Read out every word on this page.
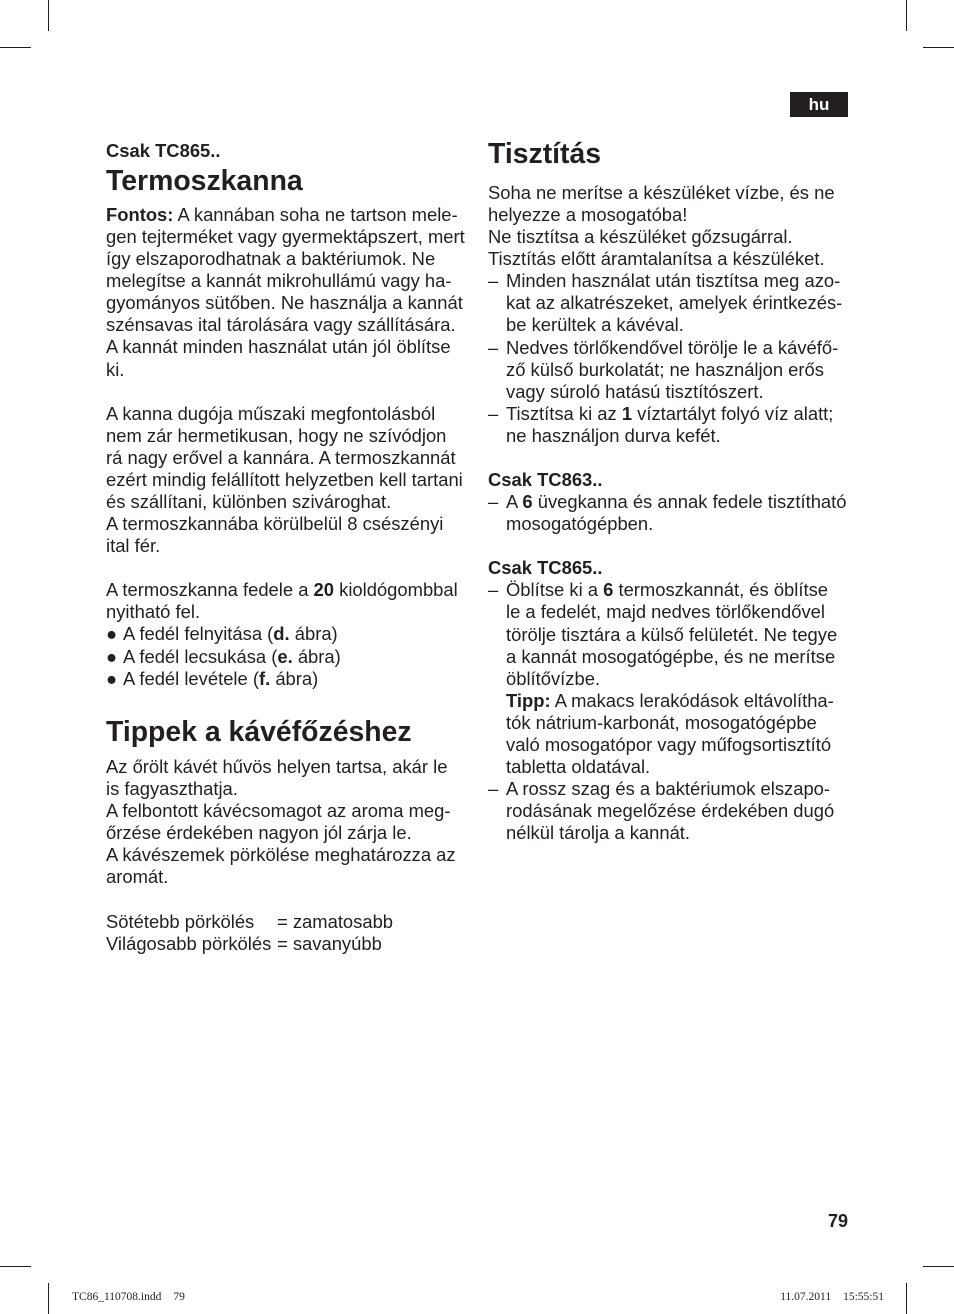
hu
Csak TC865..
Termoszkanna
Fontos: A kannában soha ne tartson mele-
gen tejterméket vagy gyermektápszert, mert
így elszaporodhatnak a baktériumok. Ne
melegítse a kannát mikrohullámú vagy ha-
gyományos sütőben. Ne használja a kannát
szénsavas ital tárolására vagy szállítására.
A kannát minden használat után jól öblítse
ki.
A kanna dugója műszaki megfontolásból
nem zár hermetikusan, hogy ne szívódjon
rá nagy erővel a kannára. A termoszkannát
ezért mindig felállított helyzetben kell tartani
és szállítani, különben szivároghat.
A termoszkannába körülbelül 8 csészényi
ital fér.
A termoszkanna fedele a 20 kioldógombbal
nyitható fel.
● A fedél felnyitása (d. ábra)
● A fedél lecsukása (e. ábra)
● A fedél levétele (f. ábra)
Tippek a kávéfőzéshez
Az őrölt kávét hűvös helyen tartsa, akár le
is fagyaszthatja.
A felbontott kávécsomagot az aroma meg-
őrzése érdekében nagyon jól zárja le.
A kávészemek pörkölése meghatározza az
aromát.
Sötétebb pörkölés = zamatosabb
Világosabb pörkölés = savanyúbb
Tisztítás
Soha ne merítse a készüléket vízbe, és ne
helyezze a mosogatóba!
Ne tisztítsa a készüléket gőzsugárral.
Tisztítás előtt áramtalanítsa a készüléket.
– Minden használat után tisztítsa meg azo-
kat az alkatrészeket, amelyek érintkezés-
be kerültek a kávéval.
– Nedves törlőkendővel törölje le a kávéfő-
ző külső burkolatát; ne használjon erős
vagy súroló hatású tisztítószert.
– Tisztítsa ki az 1 víztartályt folyó víz alatt;
ne használjon durva kefét.
Csak TC863..
– A 6 üvegkanna és annak fedele tisztítható
mosogatógépben.
Csak TC865..
– Öblítse ki a 6 termoszkannát, és öblítse
le a fedelét, majd nedves törlőkendővel
törölje tisztára a külső felületét. Ne tegye
a kannát mosogatógépbe, és ne merítse
öblítővízbe.
Tipp: A makacs lerakódások eltávolítha-
tók nátrium-karbonát, mosogatógépbe
való mosogatópor vagy műfogsortisztító
tabletta oldatával.
– A rossz szag és a baktériumok elszapo-
rodásának megelőzése érdekében dugó
nélkül tárolja a kannát.
79
TC86_110708.indd 79	11.07.2011 15:55:51
